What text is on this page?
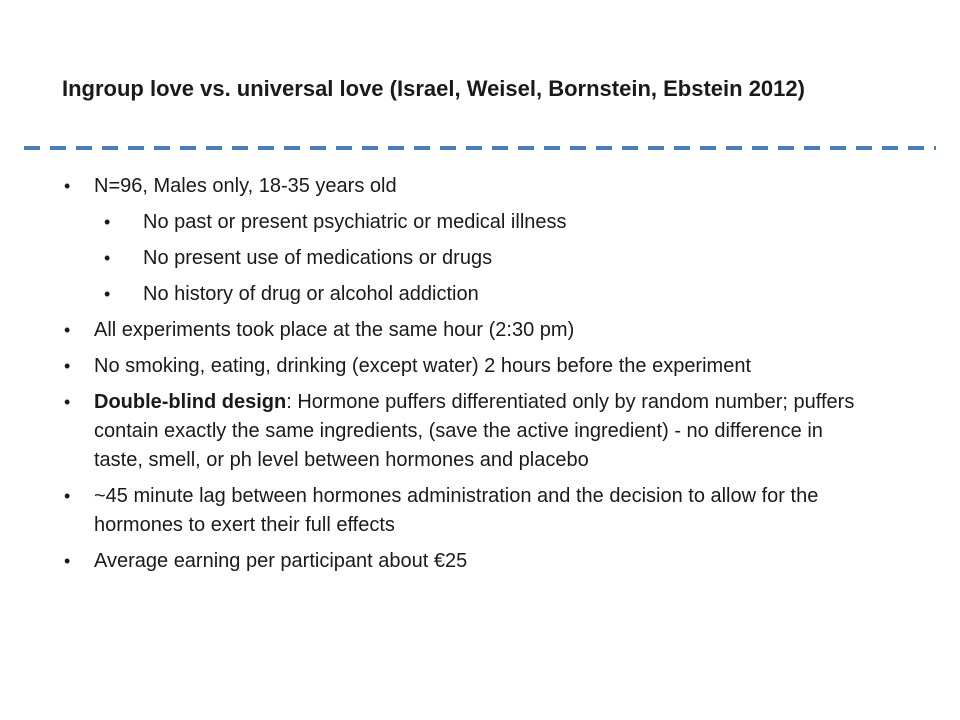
Ingroup love vs. universal love (Israel, Weisel, Bornstein, Ebstein 2012)
• N=96, Males only, 18-35 years old
• No past or present psychiatric or medical illness
• No present use of medications or drugs
• No history of drug or alcohol addiction
• All experiments took place at the same hour (2:30 pm)
• No smoking, eating, drinking (except water) 2 hours before the experiment
• Double-blind design: Hormone puffers differentiated only by random number; puffers contain exactly the same ingredients, (save the active ingredient) - no difference in taste, smell, or ph level between hormones and placebo
• ~45 minute lag between hormones administration and the decision to allow for the hormones to exert their full effects
• Average earning per participant about €25
